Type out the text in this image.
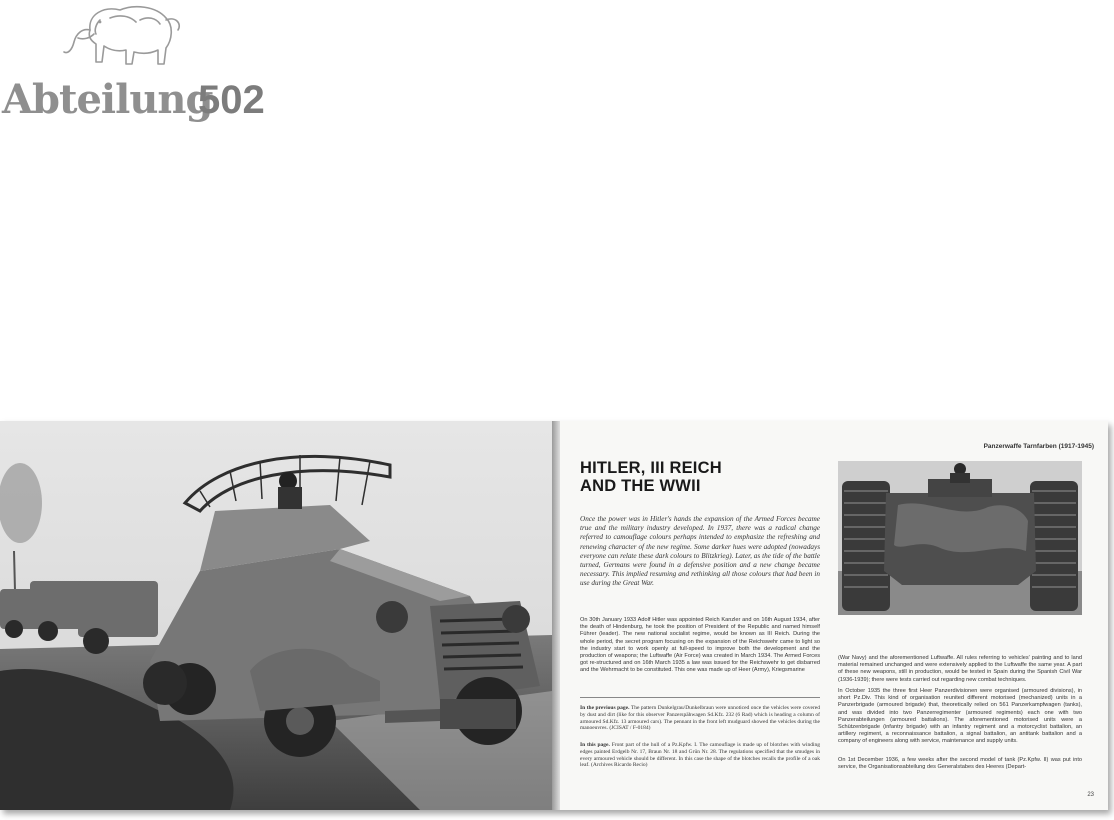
Abteilung
502
Panzerwaffe Tarnfarben (1917-1945)
HITLER, III REICH
AND THE WWII

Once the power was in Hitler's hands the expansion of the Armed Forces became true and the military industry developed. In 1937, there was a radical change referred to camouflage colours perhaps intended to emphasize the refreshing and renewing character of the new regime. Some darker hues were adopted (nowadays everyone can relate these dark colours to Blitzkrieg). Later, as the tide of the battle turned, Germans were found in a defensive position and a new change became necessary. This implied resuming and rethinking all those colours that had been in use during the Great War.

On 30th January 1933 Adolf Hitler was appointed Reich Kanzler and on 16th August 1934, after the death of Hindenburg, he took the position of President of the Republic and named himself Führer (leader). The new national socialist regime, would be known as III Reich. During the whole period, the secret program focusing on the expansion of the Reichswehr came to light so the industry start to work openly at full-speed to improve both the development and the production of weapons; the Luftwaffe (Air Force) was created in March 1934. The Armed Forces got re-structured and on 16th March 1935 a law was issued for the Reichswehr to get disbarred and the Wehrmacht to be constituted. This one was made up of Heer (Army), Kriegsmarine

In the previous page. The pattern Dunkelgrau/Dunkelbraun were unnoticed once the vehicles were covered by dust and dirt (like for this observer Panzerspähwagen Sd.Kfz. 232 (6 Rad) which is heading a column of armoured Sd.Kfz. 13 armoured cars). The pennant in the front left mudguard showed the vehicles during the manoeuvres. (JCISAT / F-0184)

In this page. Front part of the hull of a Pz.Kpfw. I. The camouflage is made up of blotches with winding edges painted Erdgelb Nr. 17, Braun Nr. 18 and Grün Nr. 28. The regulations specified that the smudges in every armoured vehicle should be different. In this case the shape of the blotches recalls the profile of a oak leaf. (Archives Ricardo Recio)

(War Navy) and the aforementioned Luftwaffe. All rules referring to vehicles' painting and to land material remained unchanged and were extensively applied to the Luftwaffe the same year. A part of these new weapons, still in production, would be tested in Spain during the Spanish Civil War (1936-1939); there were tests carried out regarding new combat techniques.

In October 1935 the three first Heer Panzerdivisionen were organised (armoured divisions), in short Pz.Div. This kind of organisation reunited different motorised (mechanized) units in a Panzerbrigade (armoured brigade) that, theoretically relied on 561 Panzerkampfwagen (tanks), and was divided into two Panzerregimenter (armoured regiments) each one with two Panzerabteilungen (armoured battalions). The aforementioned motorised units were a Schützenbrigade (infantry brigade) with an infantry regiment and a motorcyclist battalion, an artillery regiment, a reconnaissance battalion, a signal battalion, an antitank battalion and a company of engineers along with service, maintenance and supply units.

On 1st December 1936, a few weeks after the second model of tank (Pz.Kpfw. II) was put into service, the Organisationsabteilung des Generalstabes des Heeres (Depart-

23
